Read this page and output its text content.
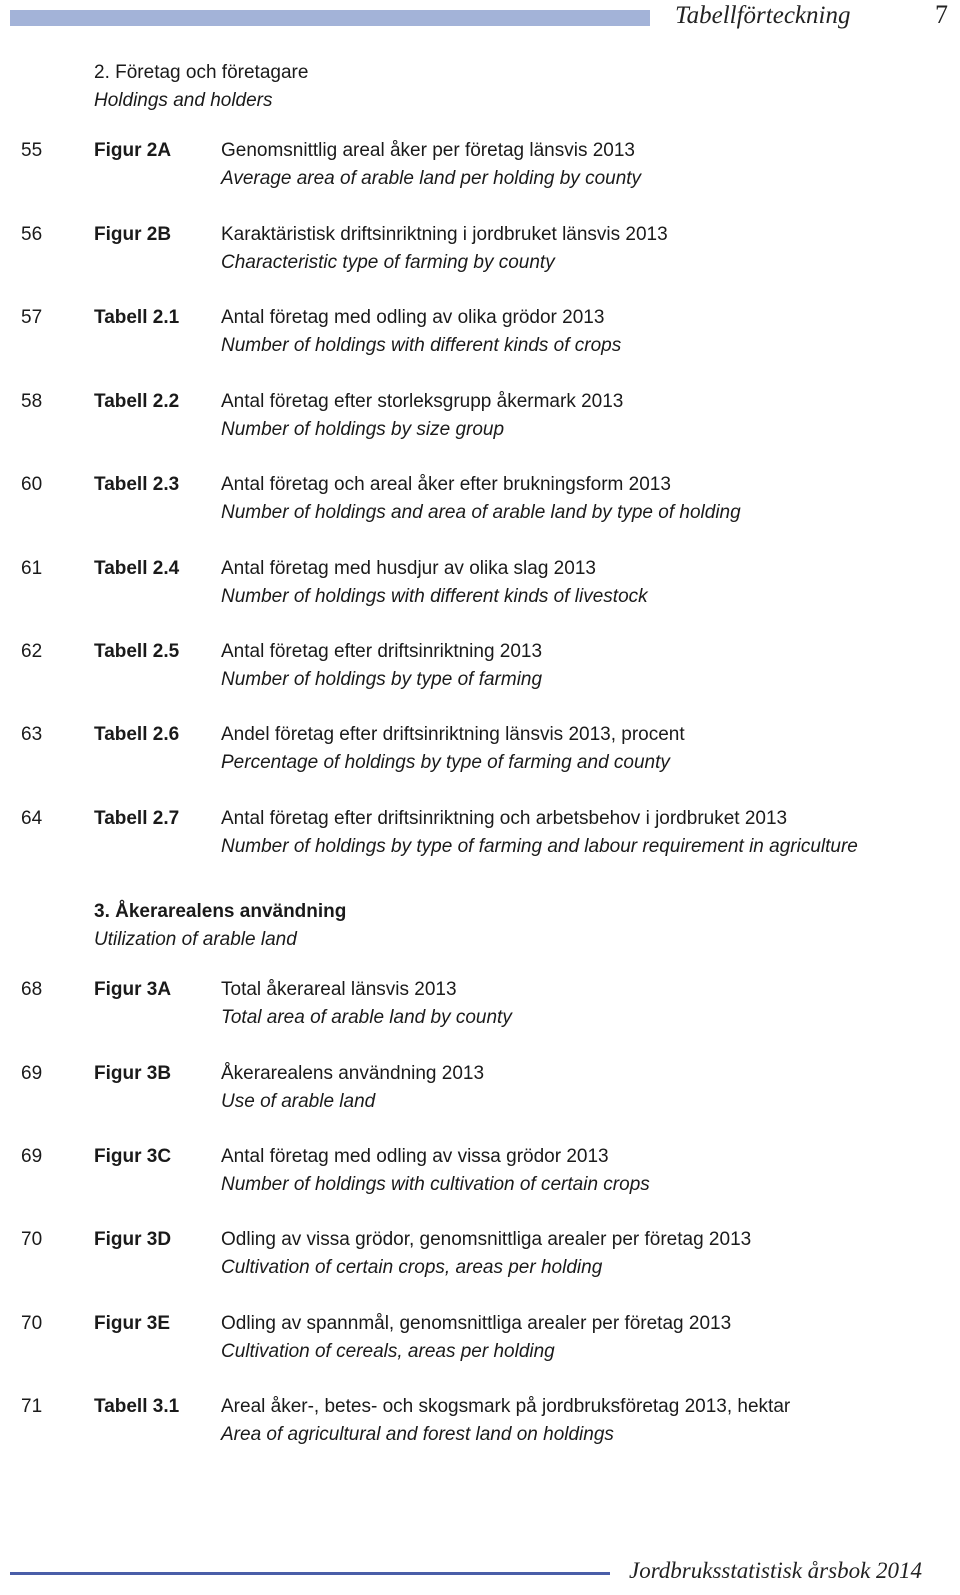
Tabellförteckning	7
2. Företag och företagare
Holdings and holders
55	Figur 2A	Genomsnittlig areal åker per företag länsvis 2013
Average area of arable land per holding by county
56	Figur 2B	Karaktäristisk driftsinriktning i jordbruket länsvis 2013
Characteristic type of farming by county
57	Tabell 2.1 Antal företag med odling av olika grödor 2013
Number of holdings with different kinds of crops
58	Tabell 2.2 Antal företag efter storleksgrupp åkermark 2013
Number of holdings by size group
60	Tabell 2.3 Antal företag och areal åker efter brukningsform 2013
Number of holdings and area of arable land by type of holding
61	Tabell 2.4 Antal företag med husdjur av olika slag 2013
Number of holdings with different kinds of livestock
62	Tabell 2.5 Antal företag efter driftsinriktning 2013
Number of holdings by type of farming
63	Tabell 2.6 Andel företag efter driftsinriktning länsvis 2013, procent
Percentage of holdings by type of farming and county
64	Tabell 2.7 Antal företag efter driftsinriktning och arbetsbehov i jordbruket 2013
Number of holdings by type of farming and labour requirement in agriculture
3. Åkerarealens användning
Utilization of arable land
68	Figur 3A	Total åkerareal länsvis 2013
Total area of arable land by county
69	Figur 3B	Åkerarealens användning 2013
Use of arable land
69	Figur 3C	Antal företag med odling av vissa grödor 2013
Number of holdings with cultivation of certain crops
70	Figur 3D	Odling av vissa grödor, genomsnittliga arealer per företag 2013
Cultivation of certain crops, areas per holding
70	Figur 3E	Odling av spannmål, genomsnittliga arealer per företag 2013
Cultivation of cereals, areas per holding
71	Tabell 3.1 Areal åker-, betes- och skogsmark på jordbruksföretag 2013, hektar
Area of agricultural and forest land on holdings
Jordbruksstatistisk årsbok 2014
